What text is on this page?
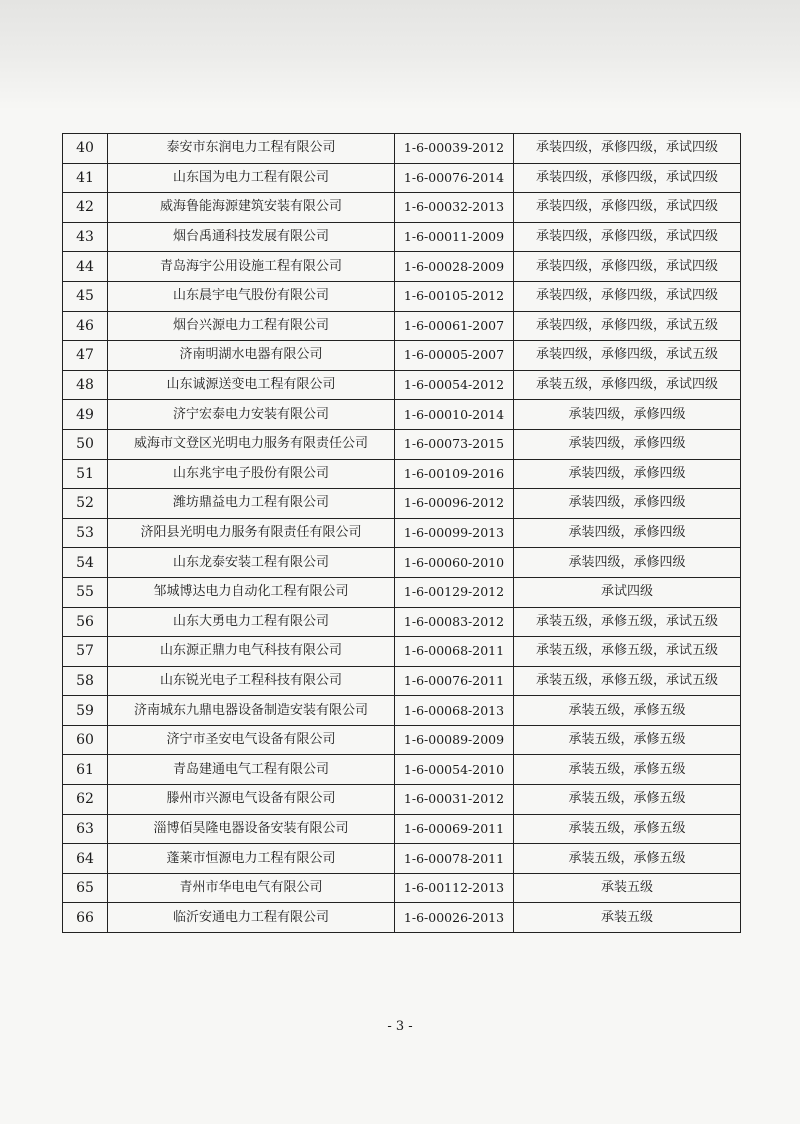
40	泰安市东润电力工程有限公司	1-6-00039-2012	承装四级，承修四级，承试四级
41	山东国为电力工程有限公司	1-6-00076-2014	承装四级，承修四级，承试四级
42	威海鲁能海源建筑安装有限公司	1-6-00032-2013	承装四级，承修四级，承试四级
43	烟台禹通科技发展有限公司	1-6-00011-2009	承装四级，承修四级，承试四级
44	青岛海宇公用设施工程有限公司	1-6-00028-2009	承装四级，承修四级，承试四级
45	山东晨宇电气股份有限公司	1-6-00105-2012	承装四级，承修四级，承试四级
46	烟台兴源电力工程有限公司	1-6-00061-2007	承装四级，承修四级，承试五级
47	济南明湖水电器有限公司	1-6-00005-2007	承装四级，承修四级，承试五级
48	山东诚源送变电工程有限公司	1-6-00054-2012	承装五级，承修四级，承试四级
49	济宁宏泰电力安装有限公司	1-6-00010-2014	承装四级，承修四级
50	威海市文登区光明电力服务有限责任公司	1-6-00073-2015	承装四级，承修四级
51	山东兆宇电子股份有限公司	1-6-00109-2016	承装四级，承修四级
52	潍坊鼎益电力工程有限公司	1-6-00096-2012	承装四级，承修四级
53	济阳县光明电力服务有限责任有限公司	1-6-00099-2013	承装四级，承修四级
54	山东龙泰安装工程有限公司	1-6-00060-2010	承装四级，承修四级
55	邹城博达电力自动化工程有限公司	1-6-00129-2012	承试四级
56	山东大勇电力工程有限公司	1-6-00083-2012	承装五级，承修五级，承试五级
57	山东源正鼎力电气科技有限公司	1-6-00068-2011	承装五级，承修五级，承试五级
58	山东锐光电子工程科技有限公司	1-6-00076-2011	承装五级，承修五级，承试五级
59	济南城东九鼎电器设备制造安装有限公司	1-6-00068-2013	承装五级，承修五级
60	济宁市圣安电气设备有限公司	1-6-00089-2009	承装五级，承修五级
61	青岛建通电气工程有限公司	1-6-00054-2010	承装五级，承修五级
62	滕州市兴源电气设备有限公司	1-6-00031-2012	承装五级，承修五级
63	淄博佰昊隆电器设备安装有限公司	1-6-00069-2011	承装五级，承修五级
64	蓬莱市恒源电力工程有限公司	1-6-00078-2011	承装五级，承修五级
65	青州市华电电气有限公司	1-6-00112-2013	承装五级
66	临沂安通电力工程有限公司	1-6-00026-2013	承装五级
- 3 -
